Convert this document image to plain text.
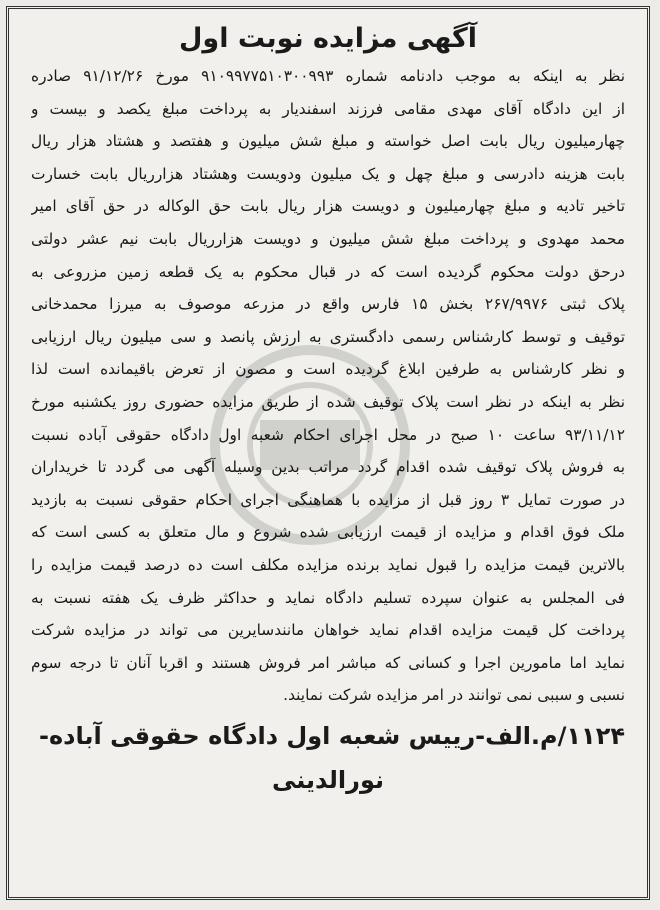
آگهی مزایده نوبت اول
نظر به اینکه به موجب دادنامه شماره ۹۱۰۹۹۷۷۵۱۰۳۰۰۹۹۳ مورخ ۹۱/۱۲/۲۶ صادره
از این دادگاه آقای مهدی مقامی فرزند اسفندیار به پرداخت مبلغ یکصد و بیست و
چهارمیلیون ریال بابت اصل خواسته و مبلغ شش میلیون و هفتصد و هشتاد هزار ریال
بابت هزینه دادرسی و مبلغ چهل و یک میلیون ودویست وهشتاد هزارریال بابت خسارت
تاخیر تادیه و مبلغ چهارمیلیون و دویست هزار ریال بابت حق الوکاله در حق آقای امیر
محمد مهدوی و پرداخت مبلغ شش میلیون و دویست هزارریال بابت نیم عشر دولتی
درحق دولت محکوم گردیده است که در قبال محکوم به یک قطعه زمین مزروعی به
پلاک ثبتی ۲۶۷/۹۹۷۶ بخش ۱۵ فارس واقع در مزرعه موصوف به میرزا محمدخانی
توقیف و توسط کارشناس رسمی دادگستری به ارزش پانصد و سی میلیون ریال ارزیابی
و نظر کارشناس به طرفین ابلاغ گردیده است و مصون از تعرض باقیمانده است لذا
نظر به اینکه در نظر است پلاک توقیف شده از طریق مزایده حضوری روز یکشنبه مورخ
۹۳/۱۱/۱۲ ساعت ۱۰ صبح در محل اجرای احکام شعبه اول دادگاه حقوقی آباده نسبت
به فروش پلاک توقیف شده اقدام گردد مراتب بدین وسیله آگهی می گردد تا خریداران
در صورت تمایل ۳ روز قبل از مزایده با هماهنگی اجرای احکام حقوقی نسبت به بازدید
ملک فوق اقدام و مزایده از قیمت ارزیابی شده شروع و مال متعلق به کسی است که
بالاترین قیمت مزایده را قبول نماید برنده مزایده مکلف است ده درصد قیمت مزایده را
فی المجلس به عنوان سپرده تسلیم دادگاه نماید و حداکثر ظرف یک هفته نسبت به
پرداخت کل قیمت مزایده اقدام نماید خواهان مانندسایرین می تواند در مزایده شرکت
نماید اما مامورین اجرا و کسانی که مباشر امر فروش هستند و اقربا آنان تا درجه سوم
نسبی و سببی نمی توانند در امر مزایده شرکت نمایند.
۱۱۲۴/م.الف-رییس شعبه اول دادگاه حقوقی آباده-
نورالدینی
